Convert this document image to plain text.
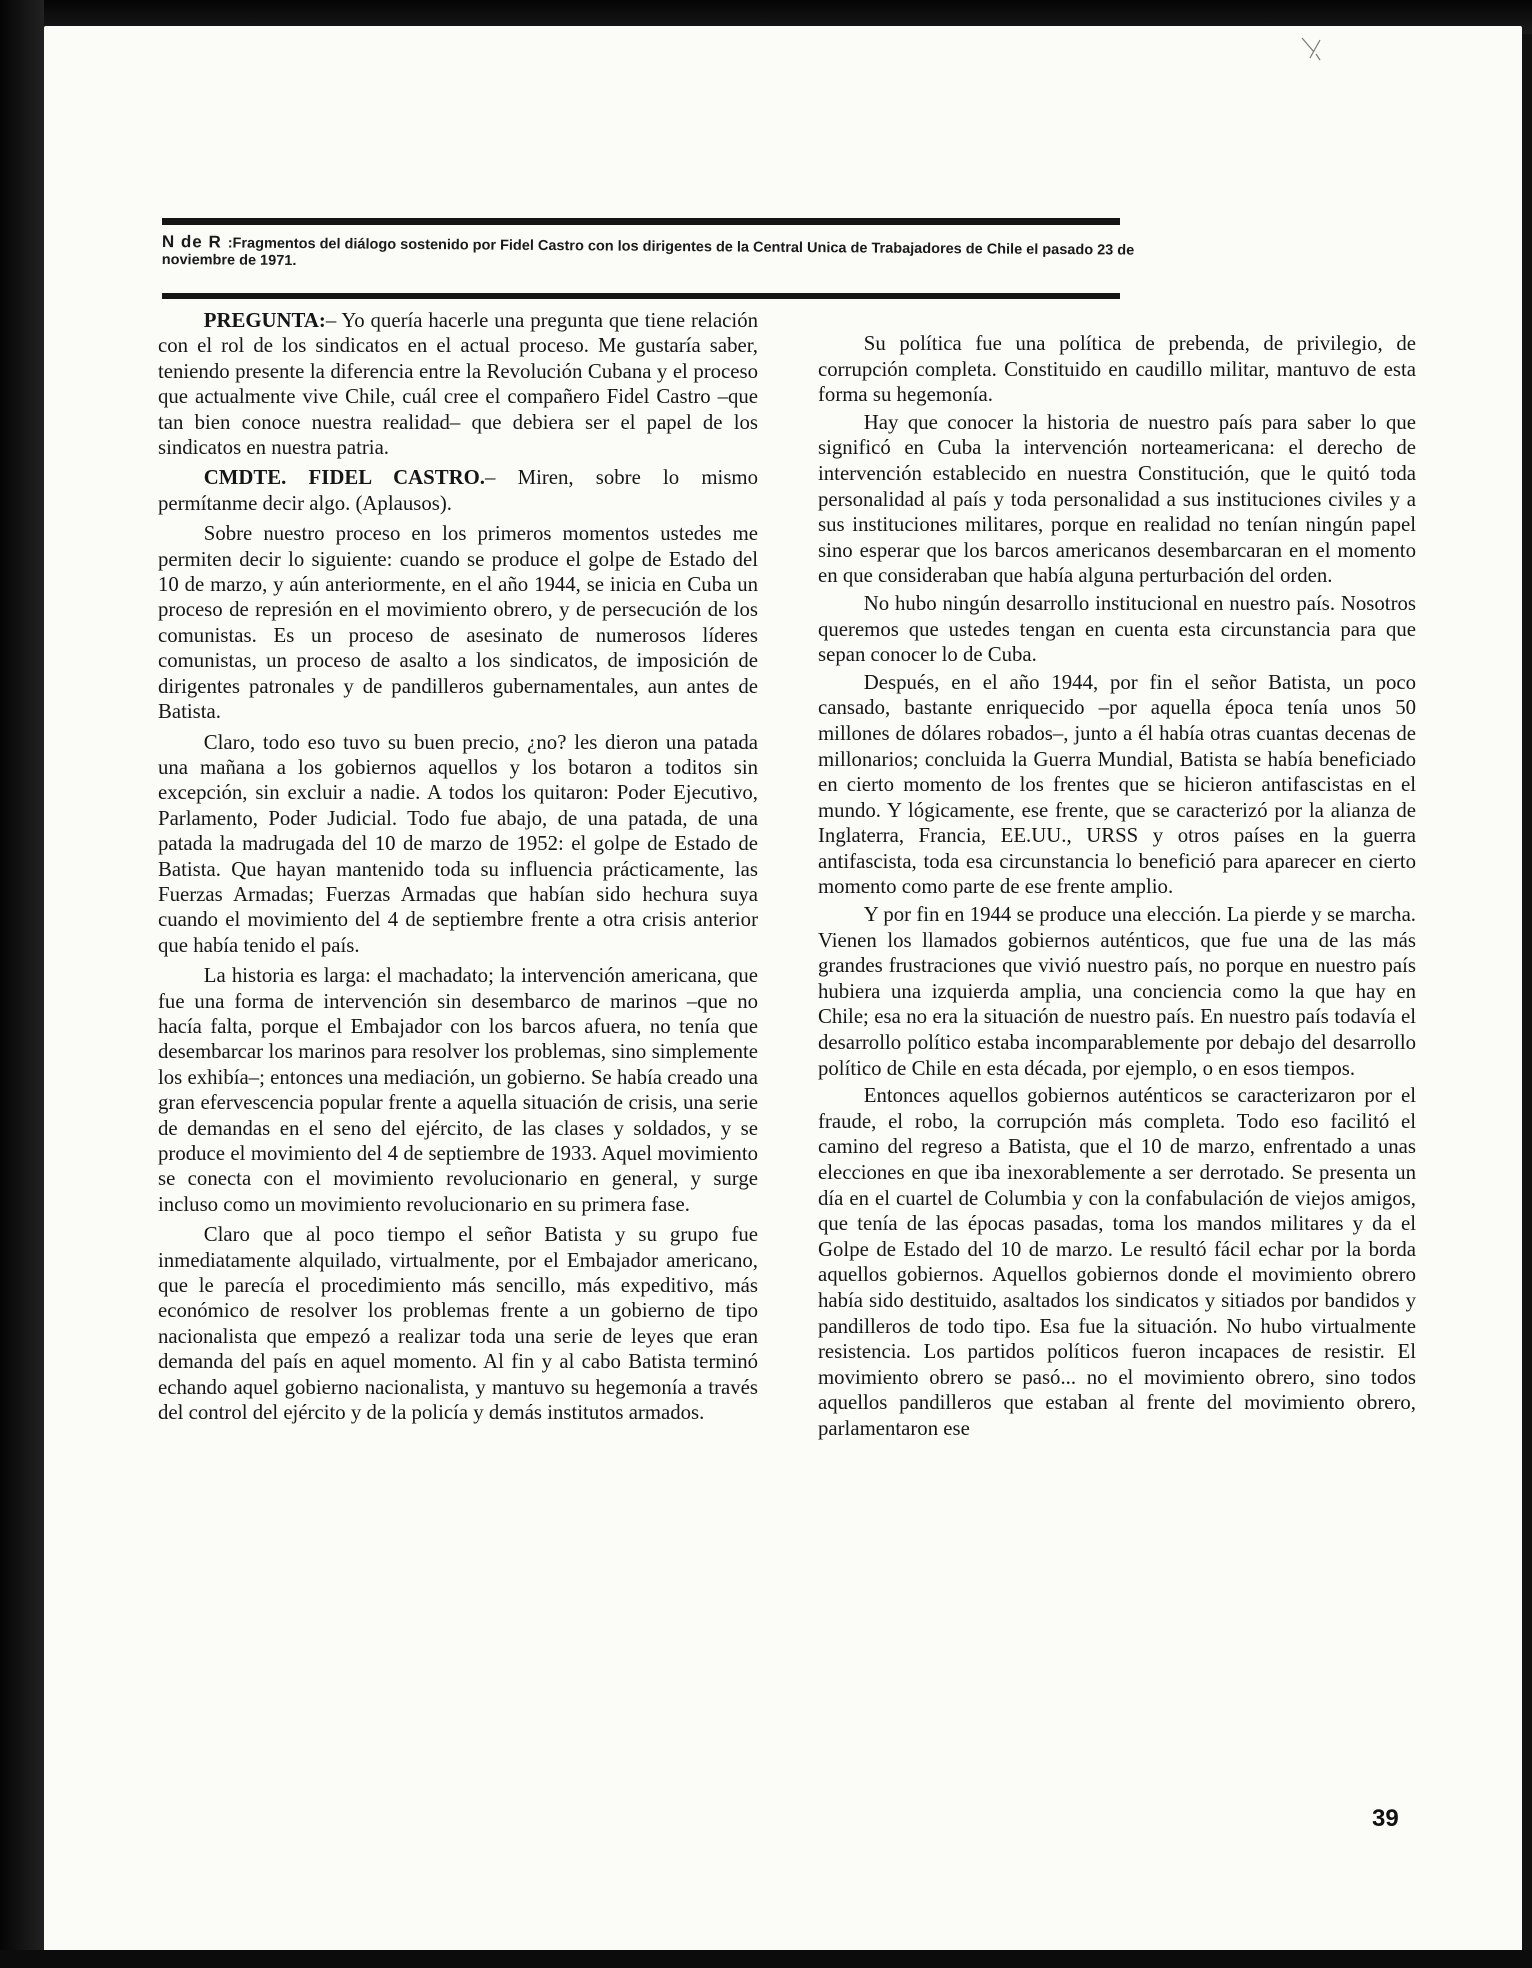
N de R :Fragmentos del diálogo sostenido por Fidel Castro con los dirigentes de la Central Unica de Trabajadores de Chile el pasado 23 de noviembre de 1971.

PREGUNTA:– Yo quería hacerle una pregunta que tiene relación con el rol de los sindicatos en el actual proceso. Me gustaría saber, teniendo presente la diferencia entre la Revolución Cubana y el proceso que actualmente vive Chile, cuál cree el compañero Fidel Castro –que tan bien conoce nuestra realidad– que debiera ser el papel de los sindicatos en nuestra patria.

CMDTE. FIDEL CASTRO.– Miren, sobre lo mismo permítanme decir algo. (Aplausos).

Sobre nuestro proceso en los primeros momentos ustedes me permiten decir lo siguiente: cuando se produce el golpe de Estado del 10 de marzo, y aún anteriormente, en el año 1944, se inicia en Cuba un proceso de represión en el movimiento obrero, y de persecución de los comunistas. Es un proceso de asesinato de numerosos líderes comunistas, un proceso de asalto a los sindicatos, de imposición de dirigentes patronales y de pandilleros gubernamentales, aun antes de Batista.

Claro, todo eso tuvo su buen precio, ¿no? les dieron una patada una mañana a los gobiernos aquellos y los botaron a toditos sin excepción, sin excluir a nadie. A todos los quitaron: Poder Ejecutivo, Parlamento, Poder Judicial. Todo fue abajo, de una patada, de una patada la madrugada del 10 de marzo de 1952: el golpe de Estado de Batista. Que hayan mantenido toda su influencia prácticamente, las Fuerzas Armadas; Fuerzas Armadas que habían sido hechura suya cuando el movimiento del 4 de septiembre frente a otra crisis anterior que había tenido el país.

La historia es larga: el machadato; la intervención americana, que fue una forma de intervención sin desembarco de marinos –que no hacía falta, porque el Embajador con los barcos afuera, no tenía que desembarcar los marinos para resolver los problemas, sino simplemente los exhibía–; entonces una mediación, un gobierno. Se había creado una gran efervescencia popular frente a aquella situación de crisis, una serie de demandas en el seno del ejército, de las clases y soldados, y se produce el movimiento del 4 de septiembre de 1933. Aquel movimiento se conecta con el movimiento revolucionario en general, y surge incluso como un movimiento revolucionario en su primera fase.

Claro que al poco tiempo el señor Batista y su grupo fue inmediatamente alquilado, virtualmente, por el Embajador americano, que le parecía el procedimiento más sencillo, más expeditivo, más económico de resolver los problemas frente a un gobierno de tipo nacionalista que empezó a realizar toda una serie de leyes que eran demanda del país en aquel momento. Al fin y al cabo Batista terminó echando aquel gobierno nacionalista, y mantuvo su hegemonía a través del control del ejército y de la policía y demás institutos armados.

Su política fue una política de prebenda, de privilegio, de corrupción completa. Constituido en caudillo militar, mantuvo de esta forma su hegemonía.

Hay que conocer la historia de nuestro país para saber lo que significó en Cuba la intervención norteamericana: el derecho de intervención establecido en nuestra Constitución, que le quitó toda personalidad al país y toda personalidad a sus instituciones civiles y a sus instituciones militares, porque en realidad no tenían ningún papel sino esperar que los barcos americanos desembarcaran en el momento en que consideraban que había alguna perturbación del orden.

No hubo ningún desarrollo institucional en nuestro país. Nosotros queremos que ustedes tengan en cuenta esta circunstancia para que sepan conocer lo de Cuba.

Después, en el año 1944, por fin el señor Batista, un poco cansado, bastante enriquecido –por aquella época tenía unos 50 millones de dólares robados–, junto a él había otras cuantas decenas de millonarios; concluida la Guerra Mundial, Batista se había beneficiado en cierto momento de los frentes que se hicieron antifascistas en el mundo. Y lógicamente, ese frente, que se caracterizó por la alianza de Inglaterra, Francia, EE.UU., URSS y otros países en la guerra antifascista, toda esa circunstancia lo benefició para aparecer en cierto momento como parte de ese frente amplio.

Y por fin en 1944 se produce una elección. La pierde y se marcha. Vienen los llamados gobiernos auténticos, que fue una de las más grandes frustraciones que vivió nuestro país, no porque en nuestro país hubiera una izquierda amplia, una conciencia como la que hay en Chile; esa no era la situación de nuestro país. En nuestro país todavía el desarrollo político estaba incomparablemente por debajo del desarrollo político de Chile en esta década, por ejemplo, o en esos tiempos.

Entonces aquellos gobiernos auténticos se caracterizaron por el fraude, el robo, la corrupción más completa. Todo eso facilitó el camino del regreso a Batista, que el 10 de marzo, enfrentado a unas elecciones en que iba inexorablemente a ser derrotado. Se presenta un día en el cuartel de Columbia y con la confabulación de viejos amigos, que tenía de las épocas pasadas, toma los mandos militares y da el Golpe de Estado del 10 de marzo. Le resultó fácil echar por la borda aquellos gobiernos. Aquellos gobiernos donde el movimiento obrero había sido destituido, asaltados los sindicatos y sitiados por bandidos y pandilleros de todo tipo. Esa fue la situación. No hubo virtualmente resistencia. Los partidos políticos fueron incapaces de resistir. El movimiento obrero se pasó... no el movimiento obrero, sino todos aquellos pandilleros que estaban al frente del movimiento obrero, parlamentaron ese

39
